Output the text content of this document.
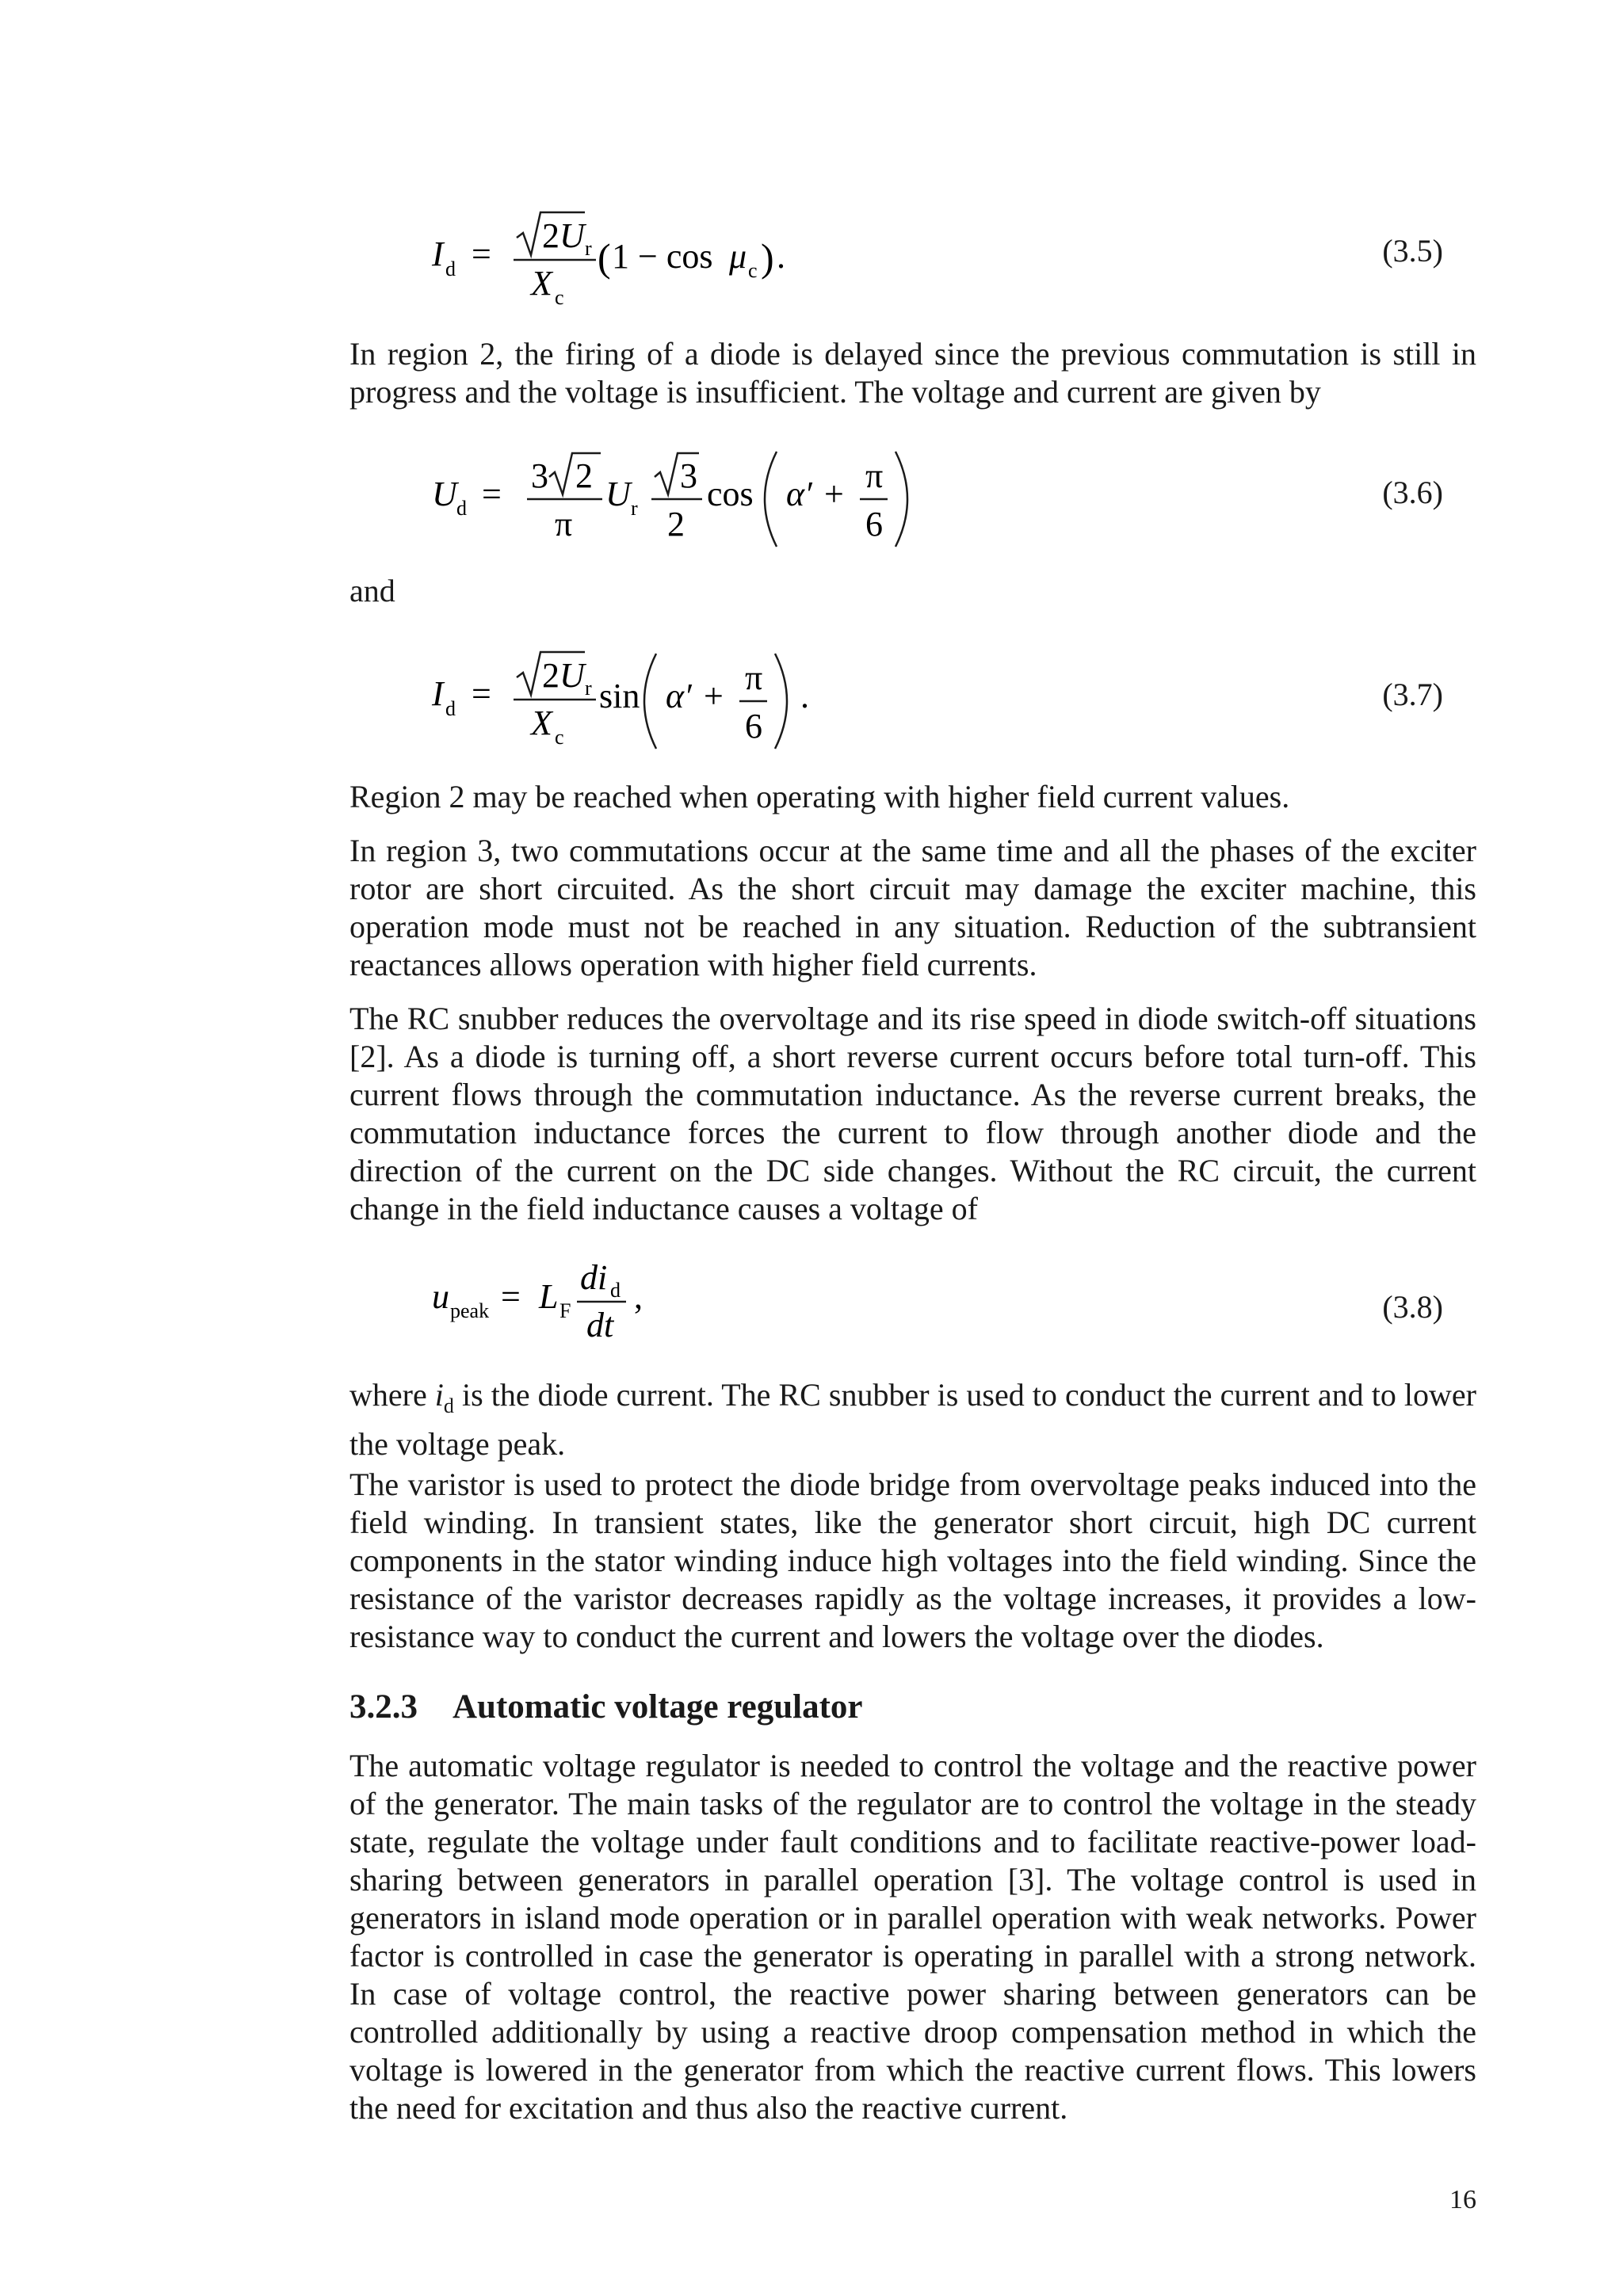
I d = 2 U r
X c
( 1 − cos μ c ) .	(3.5)

In region 2, the firing of a diode is delayed since the previous commutation is still in progress and the voltage is insufficient. The voltage and current are given by

U d = 3 2
π
U r
3
2
cos α′ + π
6
(3.6)

and

I d = 2 U r
X c
sin α′ + π
6
.	(3.7)

Region 2 may be reached when operating with higher field current values.

In region 3, two commutations occur at the same time and all the phases of the exciter rotor are short circuited. As the short circuit may damage the exciter machine, this operation mode must not be reached in any situation. Reduction of the subtransient reactances allows operation with higher field currents.

The RC snubber reduces the overvoltage and its rise speed in diode switch-off situations [2]. As a diode is turning off, a short reverse current occurs before total turn-off. This current flows through the commutation inductance. As the reverse current breaks, the commutation inductance forces the current to flow through another diode and the direction of the current on the DC side changes. Without the RC circuit, the current change in the field inductance causes a voltage of

u peak = L F
di d
dt
,	(3.8)

where $i_d$ is the diode current. The RC snubber is used to conduct the current and to lower the voltage peak.

The varistor is used to protect the diode bridge from overvoltage peaks induced into the field winding. In transient states, like the generator short circuit, high DC current components in the stator winding induce high voltages into the field winding. Since the resistance of the varistor decreases rapidly as the voltage increases, it provides a low-resistance way to conduct the current and lowers the voltage over the diodes.

3.2.3 Automatic voltage regulator

The automatic voltage regulator is needed to control the voltage and the reactive power of the generator. The main tasks of the regulator are to control the voltage in the steady state, regulate the voltage under fault conditions and to facilitate reactive-power load-sharing between generators in parallel operation [3]. The voltage control is used in generators in island mode operation or in parallel operation with weak networks. Power factor is controlled in case the generator is operating in parallel with a strong network. In case of voltage control, the reactive power sharing between generators can be controlled additionally by using a reactive droop compensation method in which the voltage is lowered in the generator from which the reactive current flows. This lowers the need for excitation and thus also the reactive current.

16
